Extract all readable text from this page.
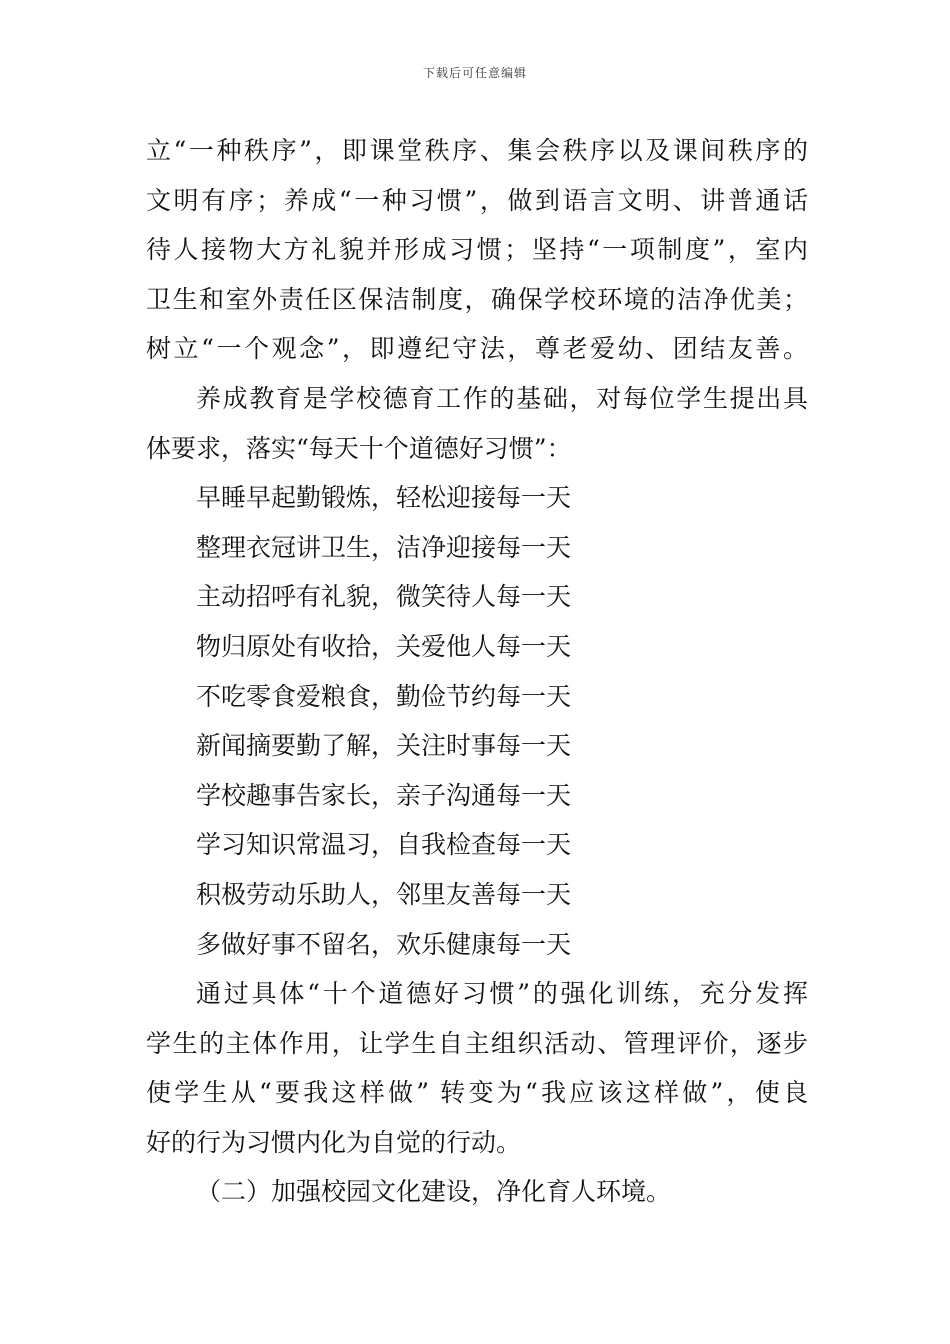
下载后可任意编辑
立“一种秩序”，即课堂秩序、集会秩序以及课间秩序的
文明有序；养成“一种习惯”，做到语言文明、讲普通话
待人接物大方礼貌并形成习惯；坚持“一项制度”，室内
卫生和室外责任区保洁制度，确保学校环境的洁净优美；
树立“一个观念”，即遵纪守法，尊老爱幼、团结友善。
养成教育是学校德育工作的基础，对每位学生提出具
体要求，落实“每天十个道德好习惯”：
早睡早起勤锻炼，轻松迎接每一天
整理衣冠讲卫生，洁净迎接每一天
主动招呼有礼貌，微笑待人每一天
物归原处有收拾，关爱他人每一天
不吃零食爱粮食，勤俭节约每一天
新闻摘要勤了解，关注时事每一天
学校趣事告家长，亲子沟通每一天
学习知识常温习，自我检查每一天
积极劳动乐助人，邻里友善每一天
多做好事不留名，欢乐健康每一天
通过具体“十个道德好习惯”的强化训练，充分发挥
学生的主体作用，让学生自主组织活动、管理评价，逐步
使学生从“要我这样做” 转变为“我应该这样做”，使良
好的行为习惯内化为自觉的行动。
（二）加强校园文化建设，净化育人环境。
